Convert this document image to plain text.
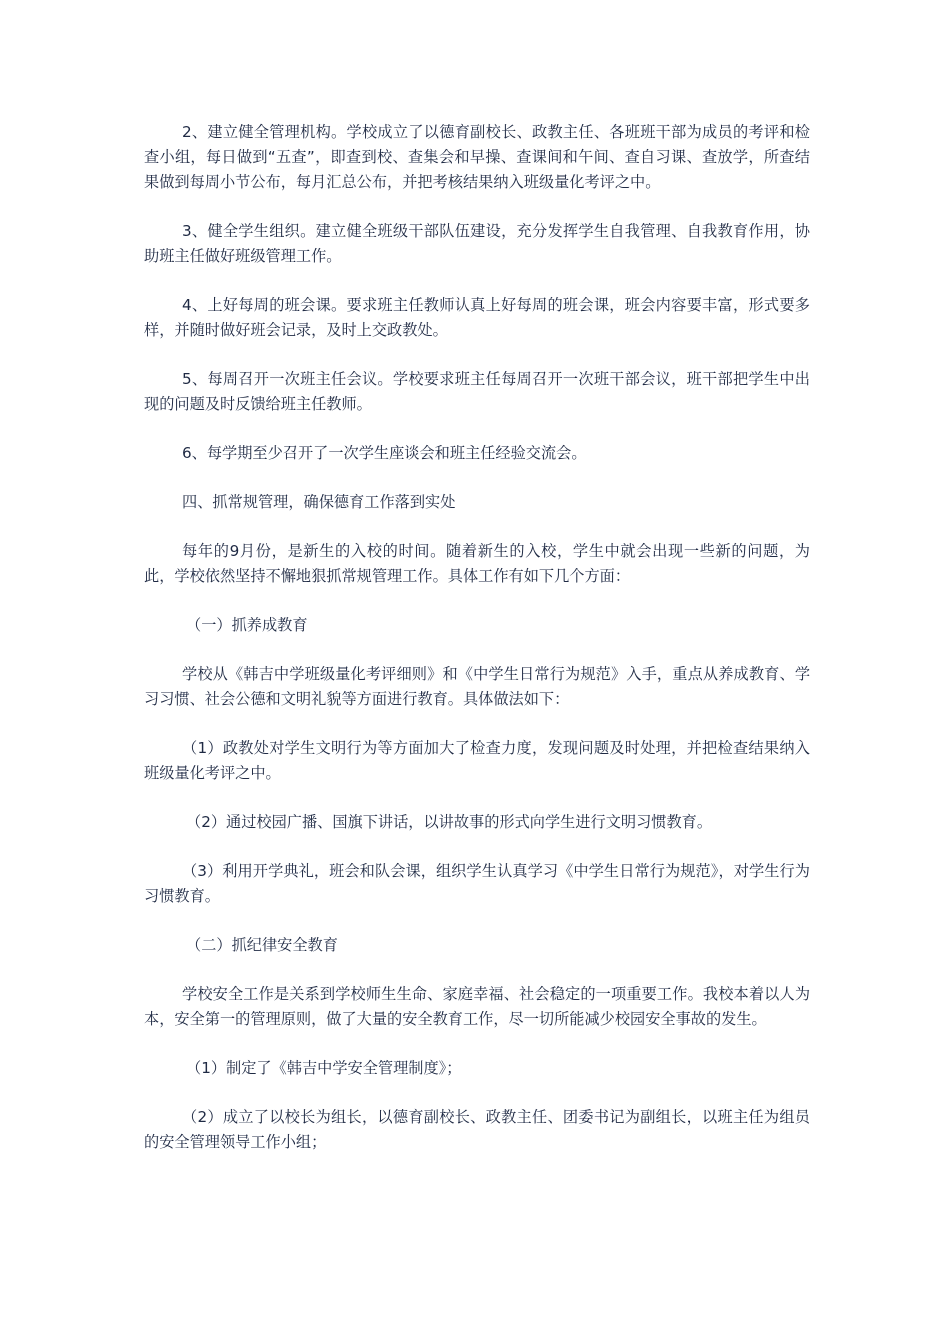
2、建立健全管理机构。学校成立了以德育副校长、政教主任、各班班干部为成员的考评和检查小组，每日做到“五查”，即查到校、查集会和早操、查课间和午间、查自习课、查放学，所查结果做到每周小节公布，每月汇总公布，并把考核结果纳入班级量化考评之中。

3、健全学生组织。建立健全班级干部队伍建设，充分发挥学生自我管理、自我教育作用，协助班主任做好班级管理工作。

4、上好每周的班会课。要求班主任教师认真上好每周的班会课，班会内容要丰富，形式要多样，并随时做好班会记录，及时上交政教处。

5、每周召开一次班主任会议。学校要求班主任每周召开一次班干部会议，班干部把学生中出现的问题及时反馈给班主任教师。

6、每学期至少召开了一次学生座谈会和班主任经验交流会。

四、抓常规管理，确保德育工作落到实处

每年的9月份，是新生的入校的时间。随着新生的入校，学生中就会出现一些新的问题，为此，学校依然坚持不懈地狠抓常规管理工作。具体工作有如下几个方面：

（一）抓养成教育

学校从《韩吉中学班级量化考评细则》和《中学生日常行为规范》入手，重点从养成教育、学习习惯、社会公德和文明礼貌等方面进行教育。具体做法如下：

（1）政教处对学生文明行为等方面加大了检查力度，发现问题及时处理，并把检查结果纳入班级量化考评之中。

（2）通过校园广播、国旗下讲话，以讲故事的形式向学生进行文明习惯教育。

（3）利用开学典礼，班会和队会课，组织学生认真学习《中学生日常行为规范》，对学生行为习惯教育。

（二）抓纪律安全教育

学校安全工作是关系到学校师生生命、家庭幸福、社会稳定的一项重要工作。我校本着以人为本，安全第一的管理原则，做了大量的安全教育工作，尽一切所能减少校园安全事故的发生。

（1）制定了《韩吉中学安全管理制度》；

（2）成立了以校长为组长，以德育副校长、政教主任、团委书记为副组长，以班主任为组员的安全管理领导工作小组；
